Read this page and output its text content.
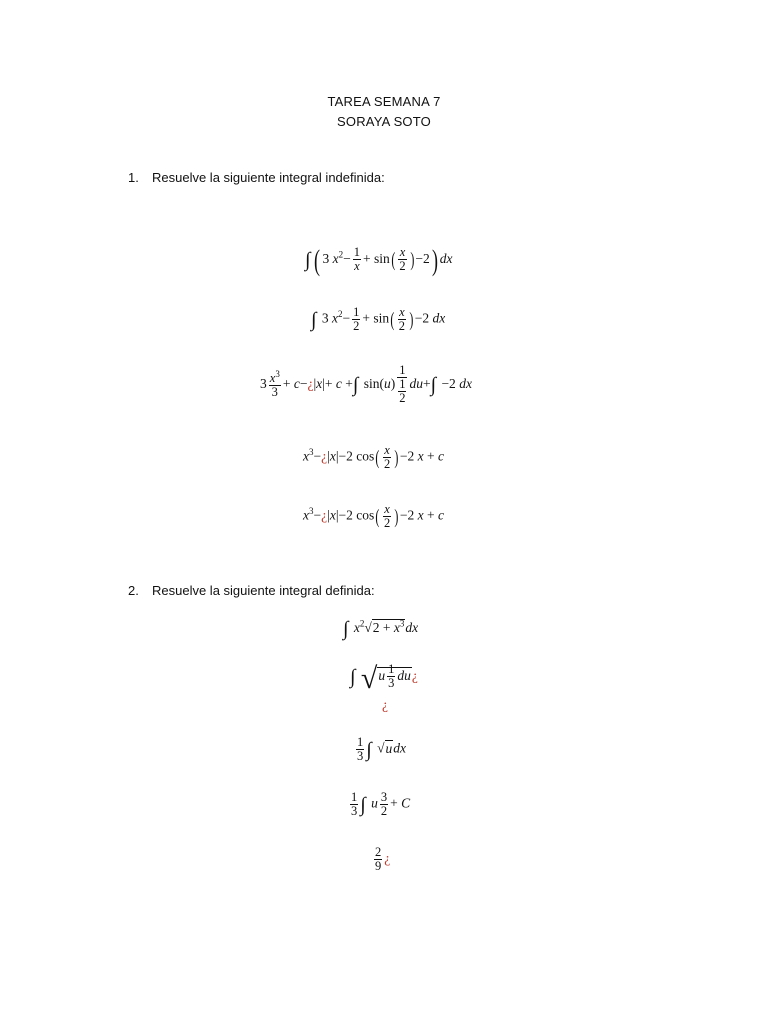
TAREA SEMANA 7
SORAYA SOTO
1. Resuelve la siguiente integral indefinida:
∫ ( 3 $x^2- \frac{1}{x} + \sin( \frac{x}{2} )-2$) dx
∫ 3 $x^2- \frac{1}{2} + \sin( \frac{x}{2} )-2$ dx
$3 \frac{x^3}{3}$ + c−¿|x|+ c +∫ $\sin(u) \frac{1}{\frac{1}{2}} du+\int -2$ dx
$x^3-¿|x|-2$ $\cos( \frac{x}{2} )-2$ x + c
$x^3-¿|x|-2$ $\cos( \frac{x}{2} )-2$ x + c
2. Resuelve la siguiente integral definida:
∫ $x^2√2 + x^3dx$
∫ $√u \frac{1}{3}$ du¿
¿
$\frac{1}{3}$ ∫ √udx
$\frac{1}{3}$ ∫ u $\frac{3}{2} + C$
$\frac{2}{9}$ ¿
